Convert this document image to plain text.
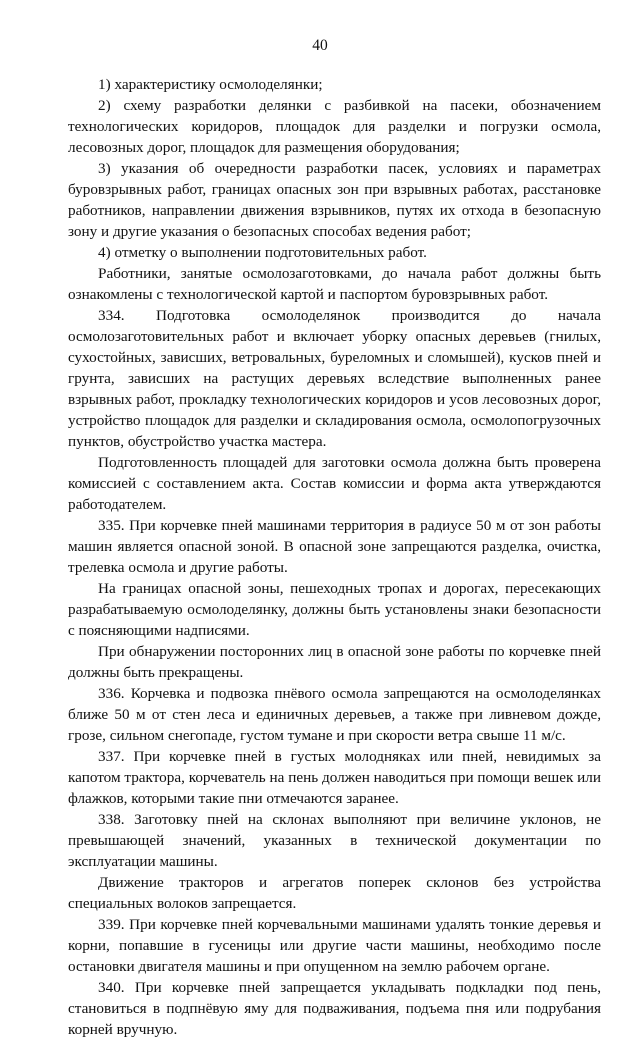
40

1) характеристику осмолоделянки;

2) схему разработки делянки с разбивкой на пасеки, обозначением технологических коридоров, площадок для разделки и погрузки осмола, лесовозных дорог, площадок для размещения оборудования;

3) указания об очередности разработки пасек, условиях и параметрах буровзрывных работ, границах опасных зон при взрывных работах, расстановке работников, направлении движения взрывников, путях их отхода в безопасную зону и другие указания о безопасных способах ведения работ;

4) отметку о выполнении подготовительных работ.

Работники, занятые осмолозаготовками, до начала работ должны быть ознакомлены с технологической картой и паспортом буровзрывных работ.

334. Подготовка осмолоделянок производится до начала осмолозаготовительных работ и включает уборку опасных деревьев (гнилых, сухостойных, зависших, ветровальных, буреломных и сломышей), кусков пней и грунта, зависших на растущих деревьях вследствие выполненных ранее взрывных работ, прокладку технологических коридоров и усов лесовозных дорог, устройство площадок для разделки и складирования осмола, осмолопогрузочных пунктов, обустройство участка мастера.

Подготовленность площадей для заготовки осмола должна быть проверена комиссией с составлением акта. Состав комиссии и форма акта утверждаются работодателем.

335. При корчевке пней машинами территория в радиусе 50 м от зон работы машин является опасной зоной. В опасной зоне запрещаются разделка, очистка, трелевка осмола и другие работы.

На границах опасной зоны, пешеходных тропах и дорогах, пересекающих разрабатываемую осмолоделянку, должны быть установлены знаки безопасности с поясняющими надписями.

При обнаружении посторонних лиц в опасной зоне работы по корчевке пней должны быть прекращены.

336. Корчевка и подвозка пнёвого осмола запрещаются на осмолоделянках ближе 50 м от стен леса и единичных деревьев, а также при ливневом дожде, грозе, сильном снегопаде, густом тумане и при скорости ветра свыше 11 м/с.

337. При корчевке пней в густых молодняках или пней, невидимых за капотом трактора, корчеватель на пень должен наводиться при помощи вешек или флажков, которыми такие пни отмечаются заранее.

338. Заготовку пней на склонах выполняют при величине уклонов, не превышающей значений, указанных в технической документации по эксплуатации машины.

Движение тракторов и агрегатов поперек склонов без устройства специальных волоков запрещается.

339. При корчевке пней корчевальными машинами удалять тонкие деревья и корни, попавшие в гусеницы или другие части машины, необходимо после остановки двигателя машины и при опущенном на землю рабочем органе.

340. При корчевке пней запрещается укладывать подкладки под пень, становиться в подпнёвую яму для подваживания, подъема пня или подрубания корней вручную.
